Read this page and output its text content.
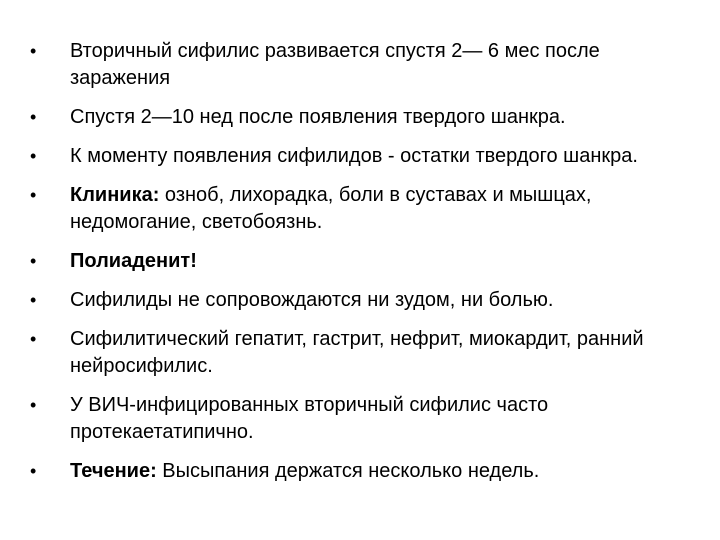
•	Вторичный сифилис развивается спустя 2— 6 мес после заражения
•	Спустя 2—10 нед после появления твердого шанкра.
•	К моменту появления сифилидов - остатки твердого шанкра.
•	Клиника: озноб, лихорадка, боли в суставах и мышцах, недомогание, светобоязнь.
•	Полиаденит!
•	Сифилиды не сопровождаются ни зудом, ни болью.
•	Сифилитический гепатит, гастрит, нефрит, миокардит, ранний нейросифилис.
•	У ВИЧ-инфицированных вторичный сифилис часто протекаетатипично.
•	Течение: Высыпания держатся несколько недель.
